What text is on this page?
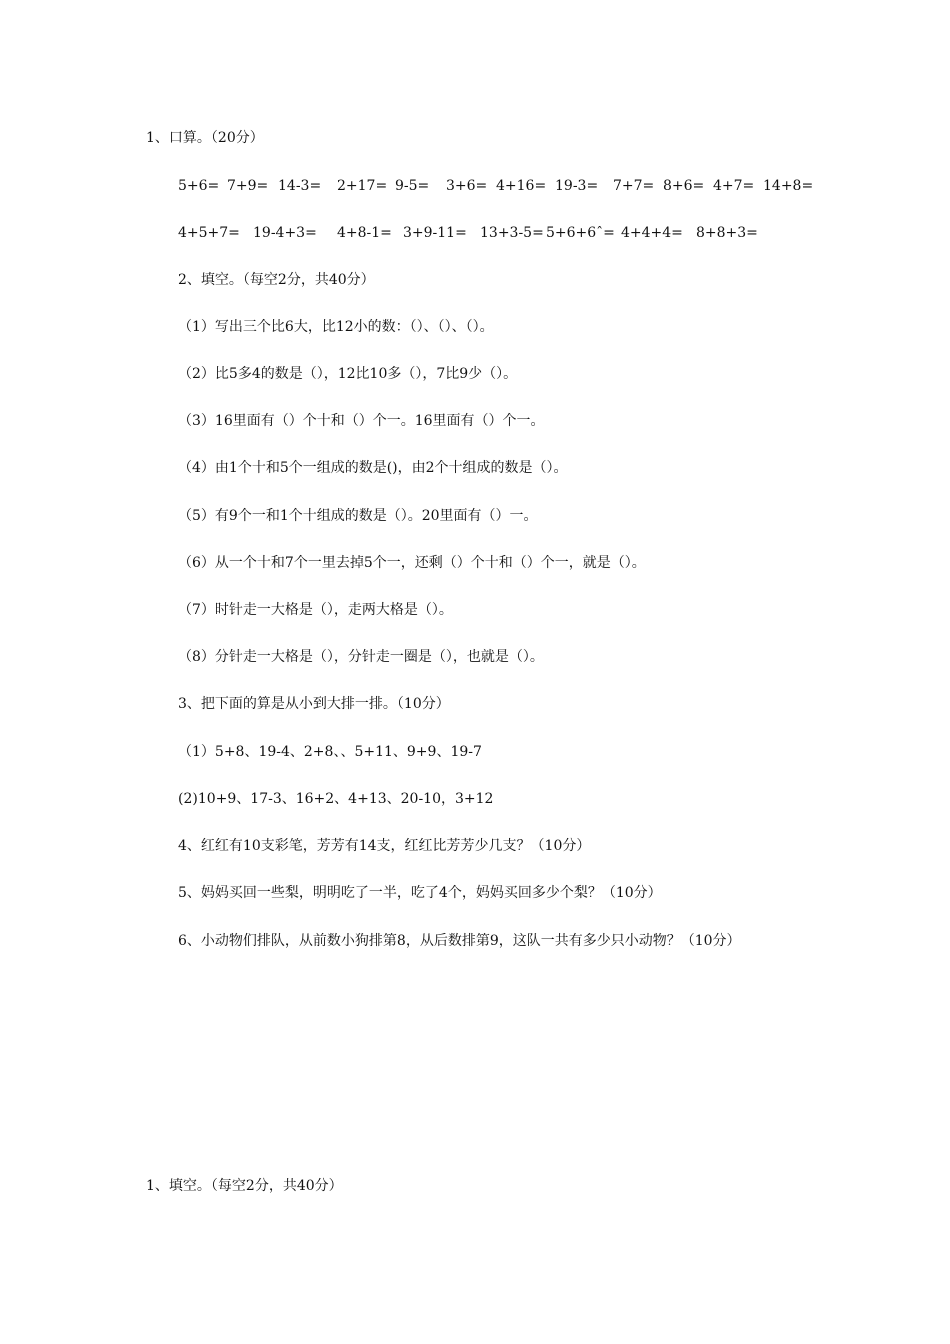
1、口算。（20分）

5+6= 7+9= 14-3= 2+17= 9-5= 3+6= 4+16= 19-3= 7+7= 8+6= 4+7= 14+8=
4+5+7= 19-4+3= 4+8-1= 3+9-11= 13+3-5= 5+6+6ˆ= 4+4+4= 8+8+3=

2、填空。（每空2分，共40分）

（1）写出三个比6大，比12小的数：（）、（）、（）。

（2）比5多4的数是（），12比10多（），7比9少（）。

（3）16里面有（）个十和（）个一。16里面有（）个一。

（4）由1个十和5个一组成的数是()，由2个十组成的数是（）。

（5）有9个一和1个十组成的数是（）。20里面有（）一。

（6）从一个十和7个一里去掉5个一，还剩（）个十和（）个一，就是（）。

（7）时针走一大格是（），走两大格是（）。

（8）分针走一大格是（），分针走一圈是（），也就是（）。

3、把下面的算是从小到大排一排。（10分）

（1）5+8、19-4、2+8、、5+11、9+9、19-7

(2)10+9、17-3、16+2、4+13、20-10，3+12

4、红红有10支彩笔，芳芳有14支，红红比芳芳少几支？（10分）

5、妈妈买回一些梨，明明吃了一半，吃了4个，妈妈买回多少个梨？（10分）

6、小动物们排队，从前数小狗排第8，从后数排第9，这队一共有多少只小动物？（10分）

1、填空。（每空2分，共40分）
